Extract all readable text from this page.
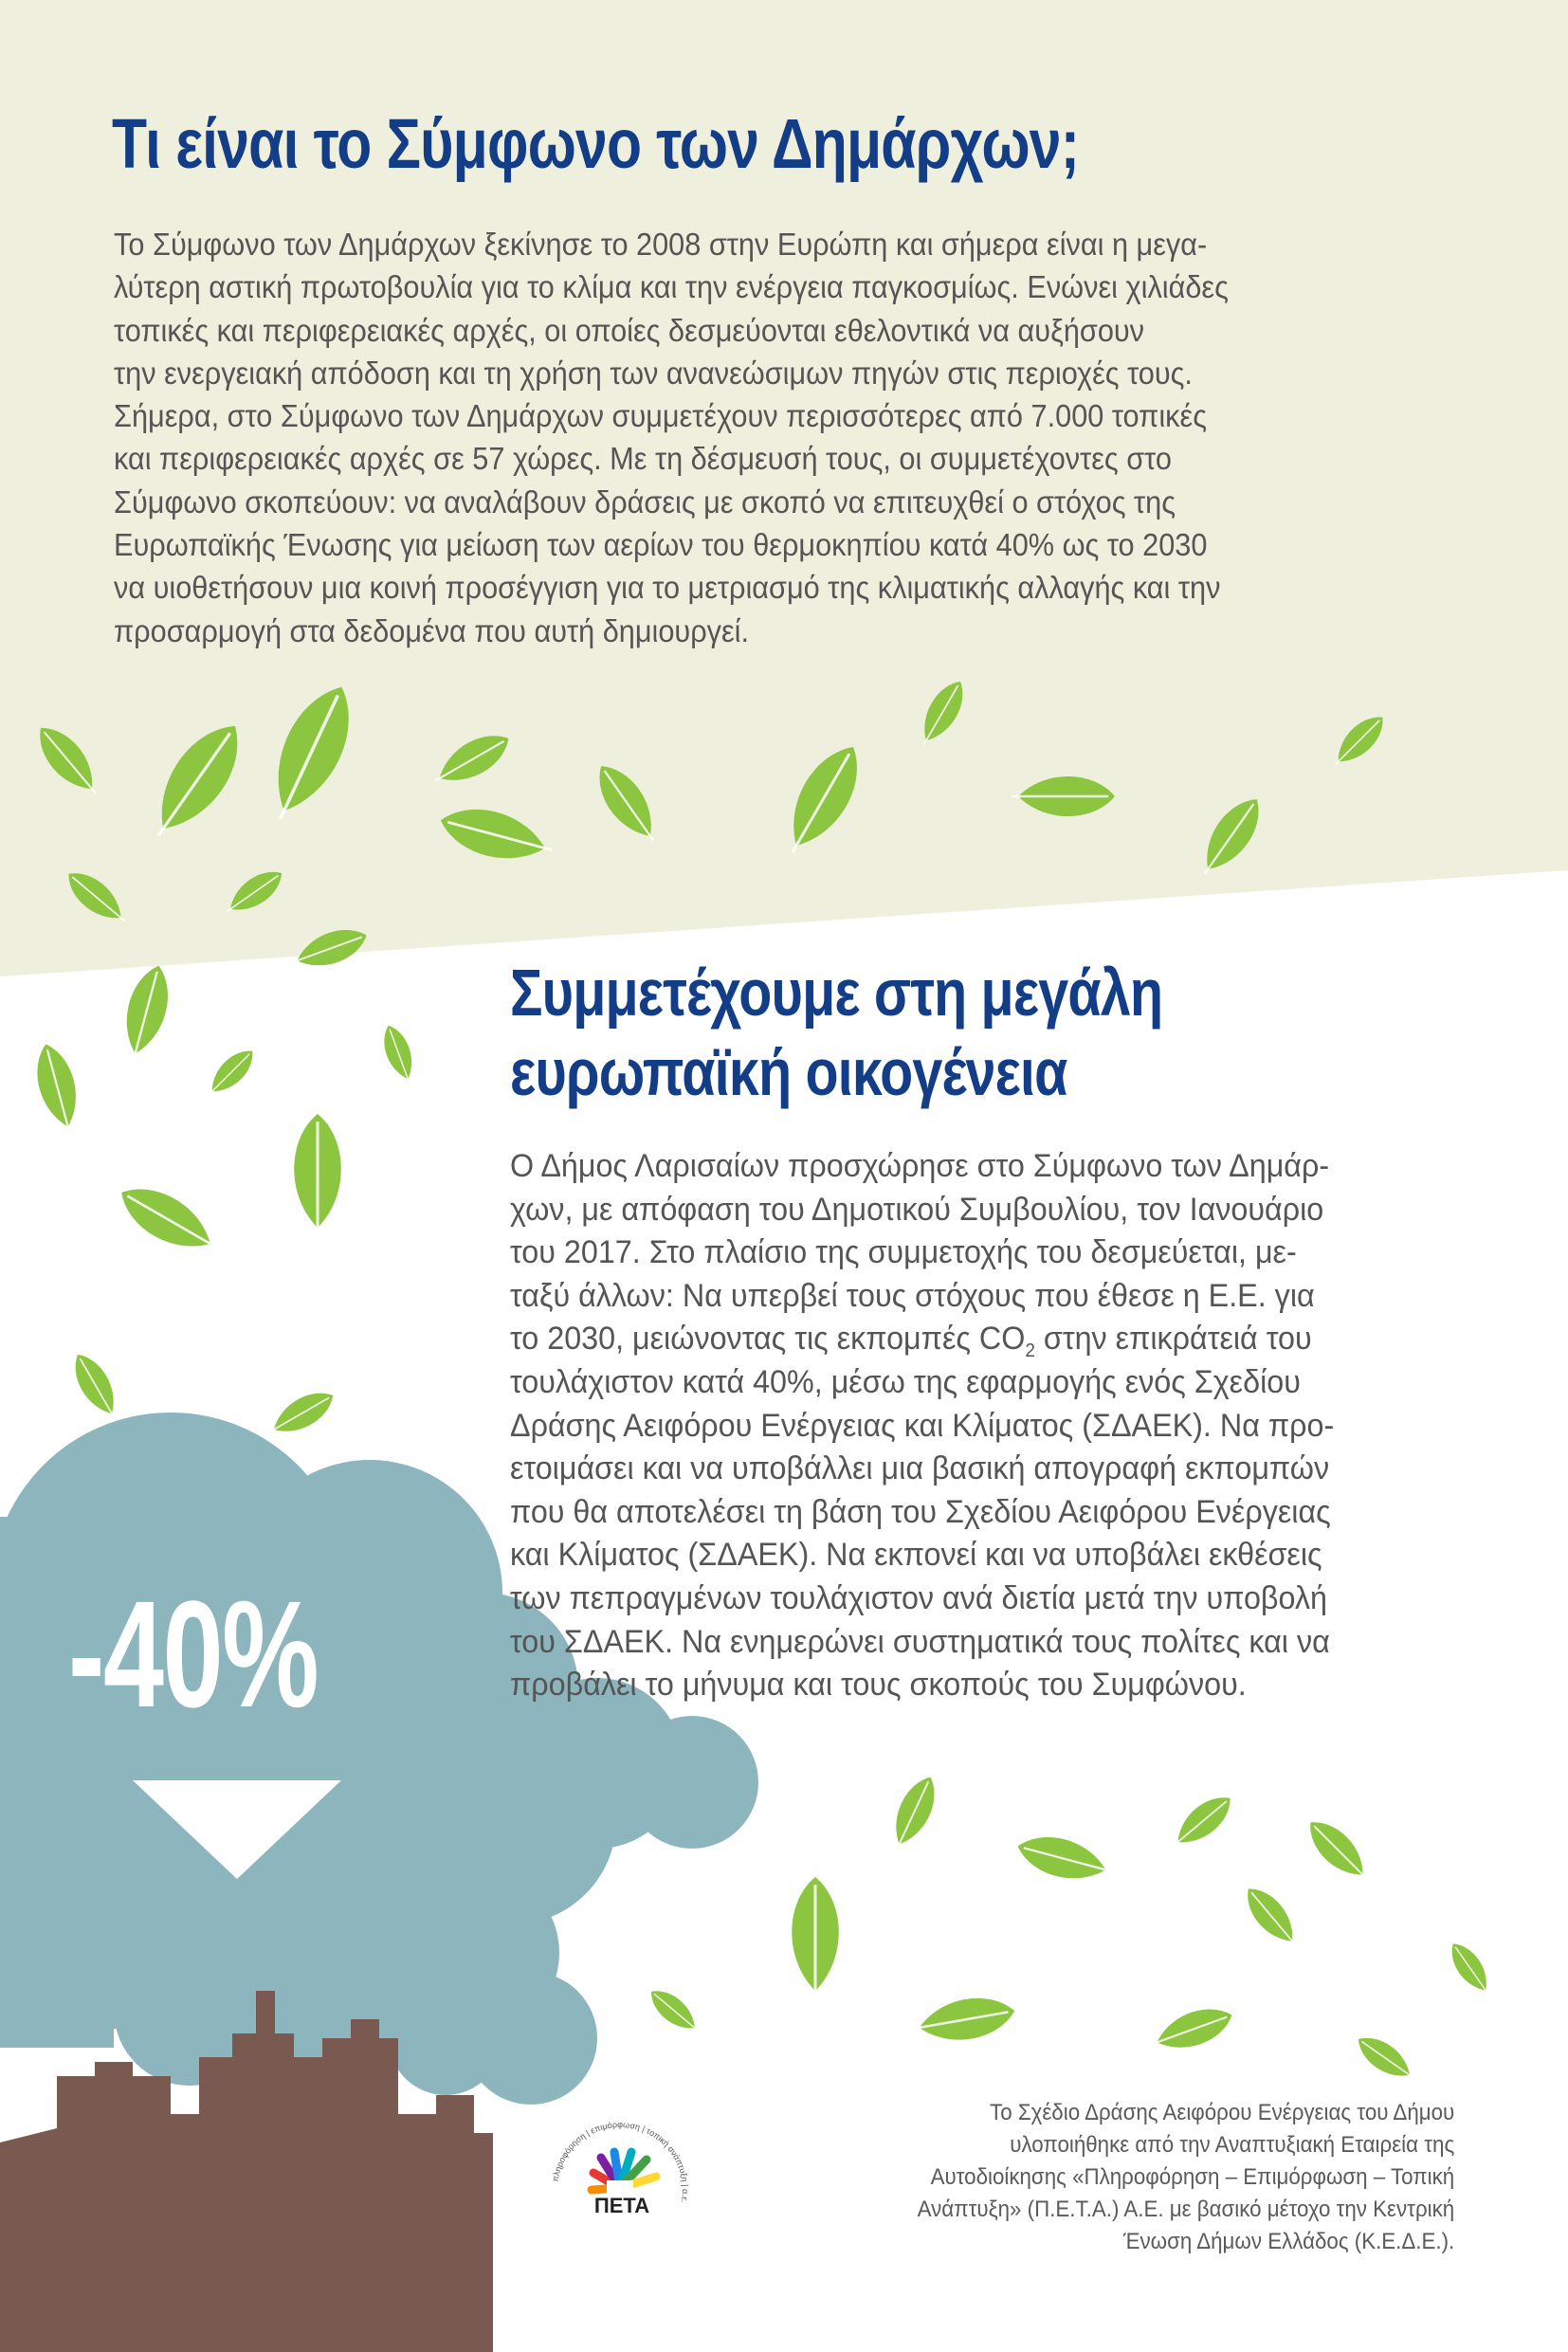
Τι είναι το Σύμφωνο των Δημάρχων;
Το Σύμφωνο των Δημάρχων ξεκίνησε το 2008 στην Ευρώπη και σήμερα είναι η μεγα-
λύτερη αστική πρωτοβουλία για το κλίμα και την ενέργεια παγκοσμίως. Ενώνει χιλιάδες
τοπικές και περιφερειακές αρχές, οι οποίες δεσμεύονται εθελοντικά να αυξήσουν
την ενεργειακή απόδοση και τη χρήση των ανανεώσιμων πηγών στις περιοχές τους.
Σήμερα, στο Σύμφωνο των Δημάρχων συμμετέχουν περισσότερες από 7.000 τοπικές
και περιφερειακές αρχές σε 57 χώρες. Με τη δέσμευσή τους, οι συμμετέχοντες στο
Σύμφωνο σκοπεύουν: να αναλάβουν δράσεις με σκοπό να επιτευχθεί ο στόχος της
Ευρωπαϊκής Ένωσης για μείωση των αερίων του θερμοκηπίου κατά 40% ως το 2030
να υιοθετήσουν μια κοινή προσέγγιση για το μετριασμό της κλιματικής αλλαγής και την
προσαρμογή στα δεδομένα που αυτή δημιουργεί.
Συμμετέχουμε στη μεγάλη
ευρωπαϊκή οικογένεια
Ο Δήμος Λαρισαίων προσχώρησε στο Σύμφωνο των Δημάρ-
χων, με απόφαση του Δημοτικού Συμβουλίου, τον Ιανουάριο
του 2017. Στο πλαίσιο της συμμετοχής του δεσμεύεται, με-
ταξύ άλλων: Να υπερβεί τους στόχους που έθεσε η Ε.Ε. για
το 2030, μειώνοντας τις εκπομπές $CO_2$ στην επικράτειά του
τουλάχιστον κατά 40%, μέσω της εφαρμογής ενός Σχεδίου
Δράσης Αειφόρου Ενέργειας και Κλίματος (ΣΔΑΕΚ). Να προ-
ετοιμάσει και να υποβάλλει μια βασική απογραφή εκπομπών
που θα αποτελέσει τη βάση του Σχεδίου Αειφόρου Ενέργειας
και Κλίματος (ΣΔΑΕΚ). Να εκπονεί και να υποβάλει εκθέσεις
των πεπραγμένων τουλάχιστον ανά διετία μετά την υποβολή
του ΣΔΑΕΚ. Να ενημερώνει συστηματικά τους πολίτες και να
προβάλει το μήνυμα και τους σκοπούς του Συμφώνου.
-40%
πληροφόρηση | επιμόρφωση | τοπική ανάπτυξη | α.ε.
ΠΕΤΑ
Το Σχέδιο Δράσης Αειφόρου Ενέργειας του Δήμου
υλοποιήθηκε από την Αναπτυξιακή Εταιρεία της
Αυτοδιοίκησης «Πληροφόρηση – Επιμόρφωση – Τοπική
Ανάπτυξη» (Π.Ε.Τ.Α.) Α.Ε. με βασικό μέτοχο την Κεντρική
Ένωση Δήμων Ελλάδος (Κ.Ε.Δ.Ε.).
